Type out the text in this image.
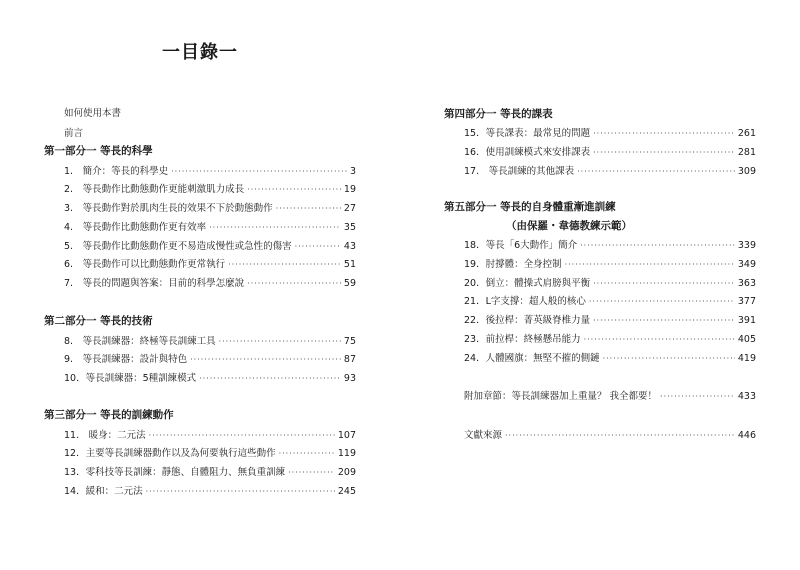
一目錄一
如何使用本書
前言
第一部分一 等長的科學
1.　簡介：等長的科學史 ·····	3
2.　等長動作比動態動作更能刺激肌力成長 ·····	19
3.　等長動作對於肌肉生長的效果不下於動態動作 ·····	27
4.　等長動作比動態動作更有效率 ·····	35
5.　等長動作比動態動作更不易造成慢性或急性的傷害 ·····	43
6.　等長動作可以比動態動作更常執行 ·····	51
7.　等長的問題與答案：目前的科學怎麼說 ·····	59
第二部分一 等長的技術
8.　等長訓練器：終極等長訓練工具 ·····	75
9.　等長訓練器：設計與特色 ·····	87
10．等長訓練器：5種訓練模式 ·····	93
第三部分一 等長的訓練動作
11.　暖身：二元法 ·····	107
12．主要等長訓練器動作以及為何要執行這些動作 ·····	119
13．零科技等長訓練：靜態、自體阻力、無負重訓練 ·····	209
14．緩和：二元法 ·····	245
第四部分一 等長的課表
15．等長課表：最常見的問題 ·····	261
16．使用訓練模式來安排課表 ·····	281
17.　等長訓練的其他課表 ·····	309
第五部分一 等長的自身體重漸進訓練
（由保羅・韋德教練示範）
18．等長「6大動作」簡介 ·····	339
19．肘撐體：全身控制 ·····	349
20．倒立：體操式肩膀與平衡 ·····	363
21．L字支撐：超人般的核心 ·····	377
22．後拉桿：菁英級脊椎力量 ·····	391
23．前拉桿：終極懸吊能力 ·····	405
24．人體國旗：無堅不摧的側鏈 ·····	419
附加章節：等長訓練器加上重量？ 我全都要！ ·····	433
文獻來源 ·····	446
